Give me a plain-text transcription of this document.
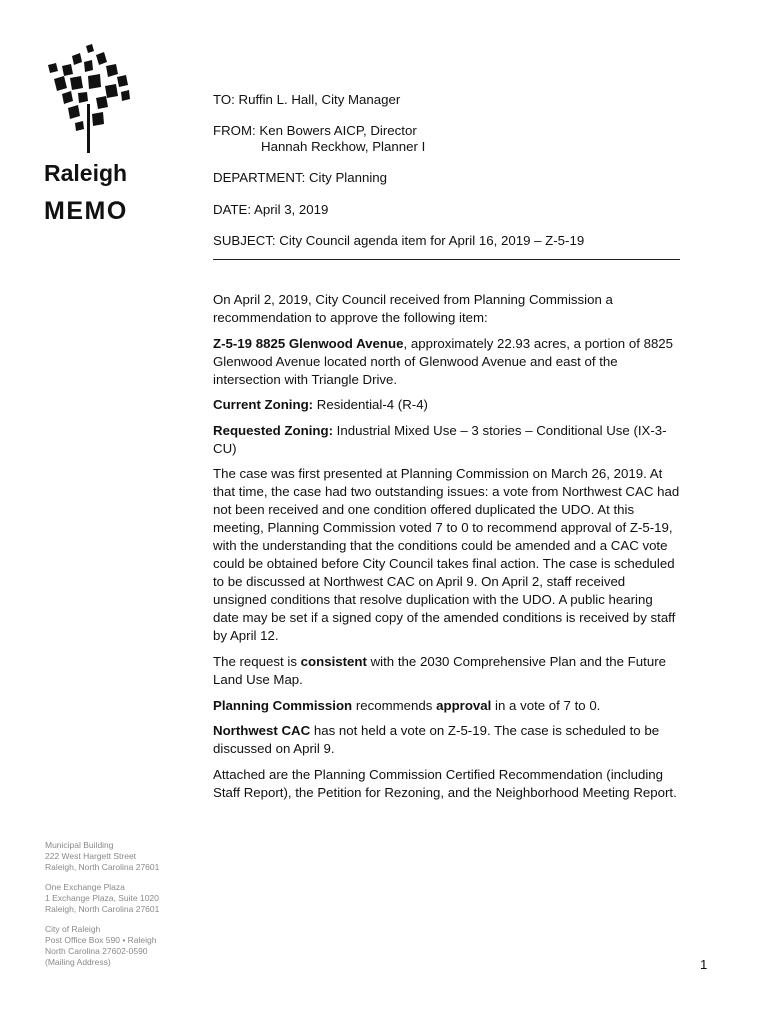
Raleigh
MEMO
TO: Ruffin L. Hall, City Manager
FROM: Ken Bowers AICP, Director
Hannah Reckhow, Planner I
DEPARTMENT: City Planning
DATE: April 3, 2019
SUBJECT: City Council agenda item for April 16, 2019 – Z-5-19

On April 2, 2019, City Council received from Planning Commission a
recommendation to approve the following item:

Z-5-19 8825 Glenwood Avenue, approximately 22.93 acres, a portion of 8825
Glenwood Avenue located north of Glenwood Avenue and east of the
intersection with Triangle Drive.

Current Zoning: Residential-4 (R-4)

Requested Zoning: Industrial Mixed Use – 3 stories – Conditional Use (IX-3-
CU)

The case was first presented at Planning Commission on March 26, 2019. At
that time, the case had two outstanding issues: a vote from Northwest CAC had
not been received and one condition offered duplicated the UDO. At this
meeting, Planning Commission voted 7 to 0 to recommend approval of Z-5-19,
with the understanding that the conditions could be amended and a CAC vote
could be obtained before City Council takes final action. The case is scheduled
to be discussed at Northwest CAC on April 9. On April 2, staff received
unsigned conditions that resolve duplication with the UDO. A public hearing
date may be set if a signed copy of the amended conditions is received by staff
by April 12.

The request is consistent with the 2030 Comprehensive Plan and the Future
Land Use Map.

Planning Commission recommends approval in a vote of 7 to 0.

Northwest CAC has not held a vote on Z-5-19. The case is scheduled to be
discussed on April 9.

Attached are the Planning Commission Certified Recommendation (including
Staff Report), the Petition for Rezoning, and the Neighborhood Meeting Report.

Municipal Building
222 West Hargett Street
Raleigh, North Carolina 27601
One Exchange Plaza
1 Exchange Plaza, Suite 1020
Raleigh, North Carolina 27601
City of Raleigh
Post Office Box 590 • Raleigh
North Carolina 27602-0590
(Mailing Address)	1
